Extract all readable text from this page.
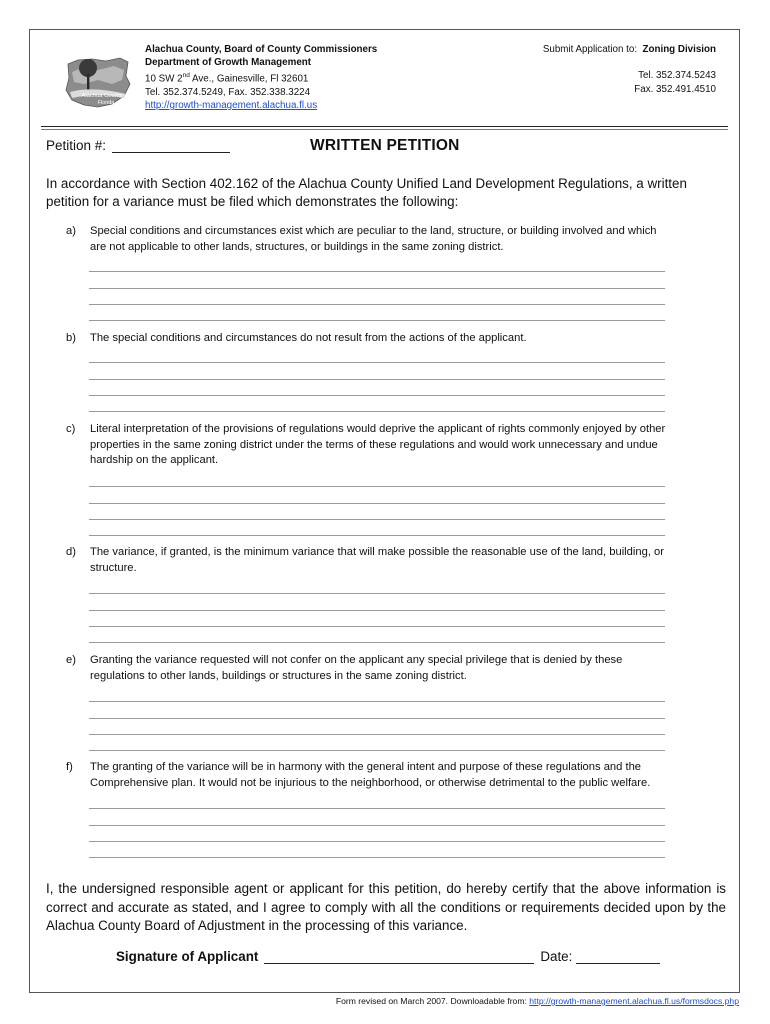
Alachua County
Florida
Alachua County, Board of County Commissioners
Department of Growth Management
10 SW 2nd Ave., Gainesville, Fl 32601
Tel. 352.374.5249, Fax. 352.338.3224
http://growth-management.alachua.fl.us
Submit Application to: Zoning Division

Tel. 352.374.5243
Fax. 352.491.4510
Petition #:	WRITTEN PETITION
In accordance with Section 402.162 of the Alachua County Unified Land Development Regulations, a written petition for a variance must be filed which demonstrates the following:
a) Special conditions and circumstances exist which are peculiar to the land, structure, or building involved and which are not applicable to other lands, structures, or buildings in the same zoning district.
b) The special conditions and circumstances do not result from the actions of the applicant.
c) Literal interpretation of the provisions of regulations would deprive the applicant of rights commonly enjoyed by other properties in the same zoning district under the terms of these regulations and would work unnecessary and undue hardship on the applicant.
d) The variance, if granted, is the minimum variance that will make possible the reasonable use of the land, building, or structure.
e) Granting the variance requested will not confer on the applicant any special privilege that is denied by these regulations to other lands, buildings or structures in the same zoning district.
f) The granting of the variance will be in harmony with the general intent and purpose of these regulations and the Comprehensive plan. It would not be injurious to the neighborhood, or otherwise detrimental to the public welfare.
I, the undersigned responsible agent or applicant for this petition, do hereby certify that the above information is correct and accurate as stated, and I agree to comply with all the conditions or requirements decided upon by the Alachua County Board of Adjustment in the processing of this variance.
Signature of Applicant	Date:
Form revised on March 2007. Downloadable from: http://growth-management.alachua.fl.us/formsdocs.php
